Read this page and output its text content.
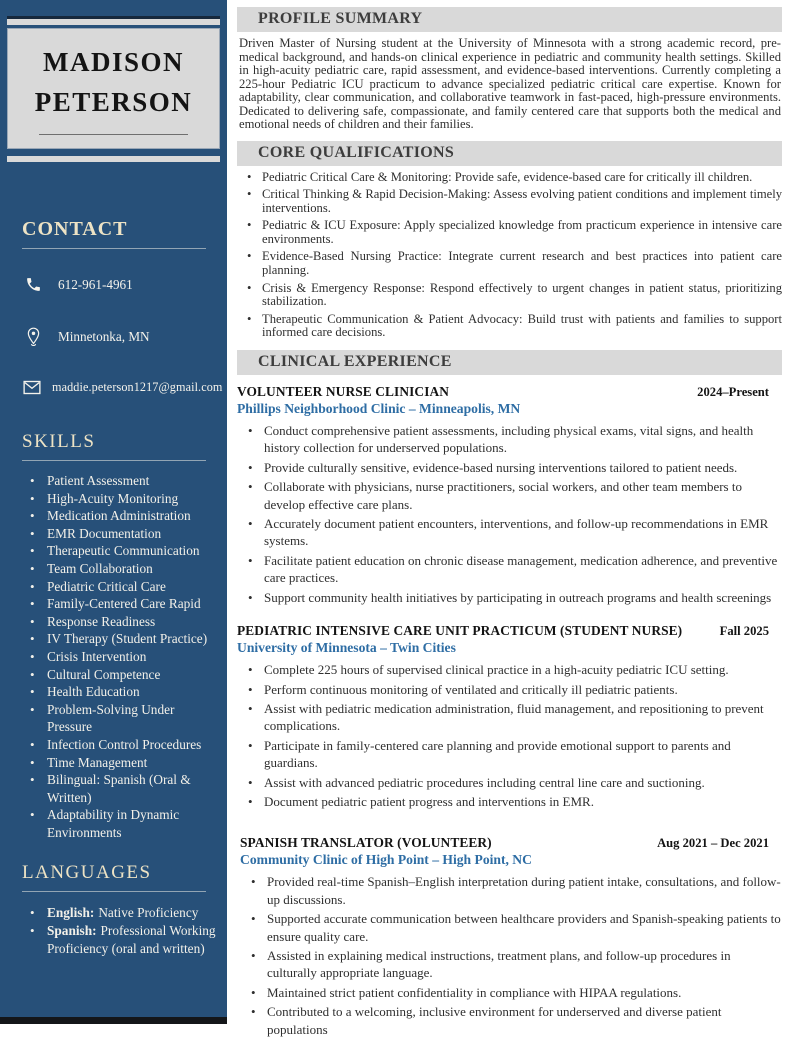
MADISON
PETERSON
CONTACT
612-961-4961
Minnetonka, MN
maddie.peterson1217@gmail.com
SKILLS
• Patient Assessment
• High-Acuity Monitoring
• Medication Administration
• EMR Documentation
• Therapeutic Communication
• Team Collaboration
• Pediatric Critical Care
• Family-Centered Care Rapid
• Response Readiness
• IV Therapy (Student Practice)
• Crisis Intervention
• Cultural Competence
• Health Education
• Problem-Solving Under Pressure
• Infection Control Procedures
• Time Management
• Bilingual: Spanish (Oral & Written)
• Adaptability in Dynamic Environments
LANGUAGES
• English: Native Proficiency
• Spanish: Professional Working Proficiency (oral and written)
PROFILE SUMMARY

Driven Master of Nursing student at the University of Minnesota with a strong academic record, pre-medical background, and hands-on clinical experience in pediatric and community health settings. Skilled in high-acuity pediatric care, rapid assessment, and evidence-based interventions. Currently completing a 225-hour Pediatric ICU practicum to advance specialized pediatric critical care expertise. Known for adaptability, clear communication, and collaborative teamwork in fast-paced, high-pressure environments. Dedicated to delivering safe, compassionate, and family centered care that supports both the medical and emotional needs of children and their families.

CORE QUALIFICATIONS
• Pediatric Critical Care & Monitoring: Provide safe, evidence-based care for critically ill children.
• Critical Thinking & Rapid Decision-Making: Assess evolving patient conditions and implement timely interventions.
• Pediatric & ICU Exposure: Apply specialized knowledge from practicum experience in intensive care environments.
• Evidence-Based Nursing Practice: Integrate current research and best practices into patient care planning.
• Crisis & Emergency Response: Respond effectively to urgent changes in patient status, prioritizing stabilization.
• Therapeutic Communication & Patient Advocacy: Build trust with patients and families to support informed care decisions.
CLINICAL EXPERIENCE
VOLUNTEER NURSE CLINICIAN	2024–Present
Phillips Neighborhood Clinic – Minneapolis, MN
• Conduct comprehensive patient assessments, including physical exams, vital signs, and health history collection for underserved populations.
• Provide culturally sensitive, evidence-based nursing interventions tailored to patient needs.
• Collaborate with physicians, nurse practitioners, social workers, and other team members to develop effective care plans.
• Accurately document patient encounters, interventions, and follow-up recommendations in EMR systems.
• Facilitate patient education on chronic disease management, medication adherence, and preventive care practices.
• Support community health initiatives by participating in outreach programs and health screenings
PEDIATRIC INTENSIVE CARE UNIT PRACTICUM (STUDENT NURSE)	Fall 2025
University of Minnesota – Twin Cities
• Complete 225 hours of supervised clinical practice in a high-acuity pediatric ICU setting.
• Perform continuous monitoring of ventilated and critically ill pediatric patients.
• Assist with pediatric medication administration, fluid management, and repositioning to prevent complications.
• Participate in family-centered care planning and provide emotional support to parents and guardians.
• Assist with advanced pediatric procedures including central line care and suctioning.
• Document pediatric patient progress and interventions in EMR.
SPANISH TRANSLATOR (VOLUNTEER)	Aug 2021 – Dec 2021
Community Clinic of High Point – High Point, NC
• Provided real-time Spanish–English interpretation during patient intake, consultations, and follow-up discussions.
• Supported accurate communication between healthcare providers and Spanish-speaking patients to ensure quality care.
• Assisted in explaining medical instructions, treatment plans, and follow-up procedures in culturally appropriate language.
• Maintained strict patient confidentiality in compliance with HIPAA regulations.
• Contributed to a welcoming, inclusive environment for underserved and diverse patient populations
